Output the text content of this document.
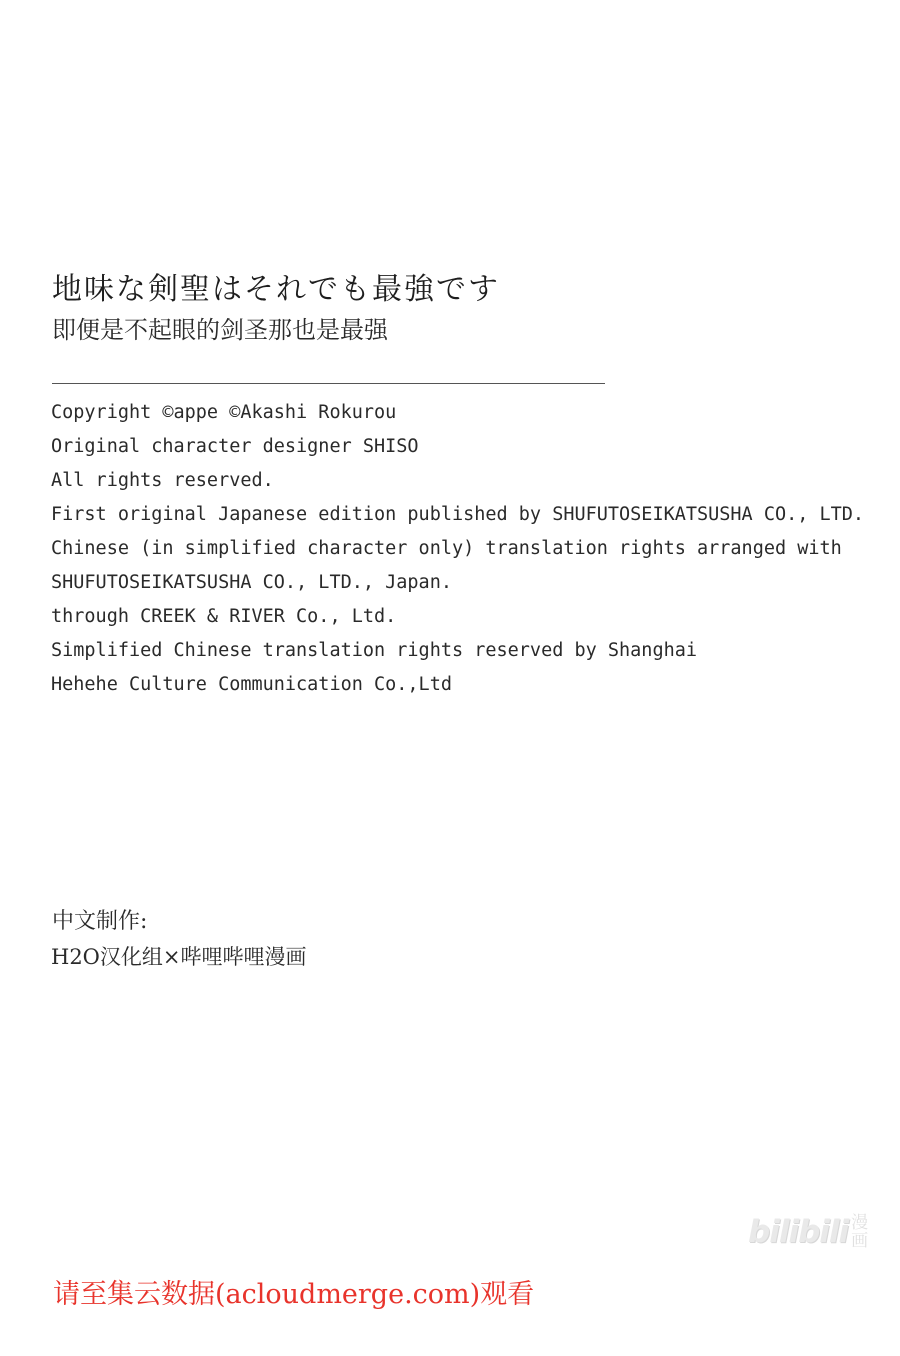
地味な剣聖はそれでも最強です
即便是不起眼的剑圣那也是最强
Copyright ©appe ©Akashi Rokurou
Original character designer SHISO
All rights reserved.
First original Japanese edition published by SHUFUTOSEIKATSUSHA CO., LTD.
Chinese (in simplified character only) translation rights arranged with
SHUFUTOSEIKATSUSHA CO., LTD., Japan.
through CREEK & RIVER Co., Ltd.
Simplified Chinese translation rights reserved by Shanghai
Hehehe Culture Communication Co.,Ltd
中文制作:
H2O汉化组×哔哩哔哩漫画
bilibili 漫
画
请至集云数据(acloudmerge.com)观看
